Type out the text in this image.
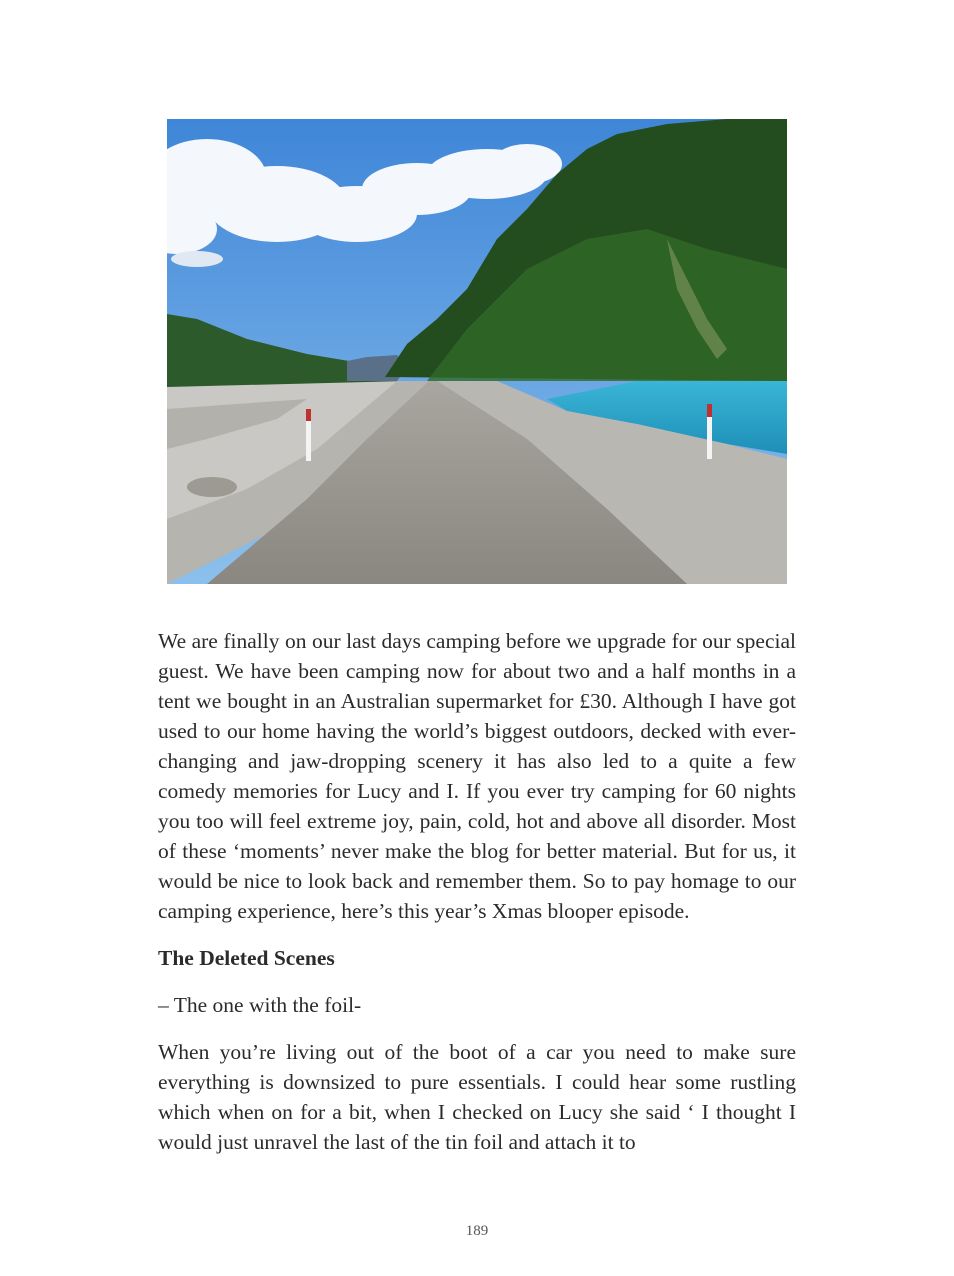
We are finally on our last days camping before we upgrade for our special guest. We have been camping now for about two and a half months in a tent we bought in an Australian supermarket for £30. Although I have got used to our home having the world’s biggest outdoors, decked with ever-changing and jaw-dropping scenery it has also led to a quite a few comedy memories for Lucy and I. If you ever try camping for 60 nights you too will feel extreme joy, pain, cold, hot and above all disorder. Most of these ‘moments’ never make the blog for better material. But for us, it would be nice to look back and remember them. So to pay homage to our camping experience, here’s this year’s Xmas blooper episode.

The Deleted Scenes

– The one with the foil-

When you’re living out of the boot of a car you need to make sure everything is downsized to pure essentials. I could hear some rustling which when on for a bit, when I checked on Lucy she said ‘ I thought I would just unravel the last of the tin foil and attach it to

189
